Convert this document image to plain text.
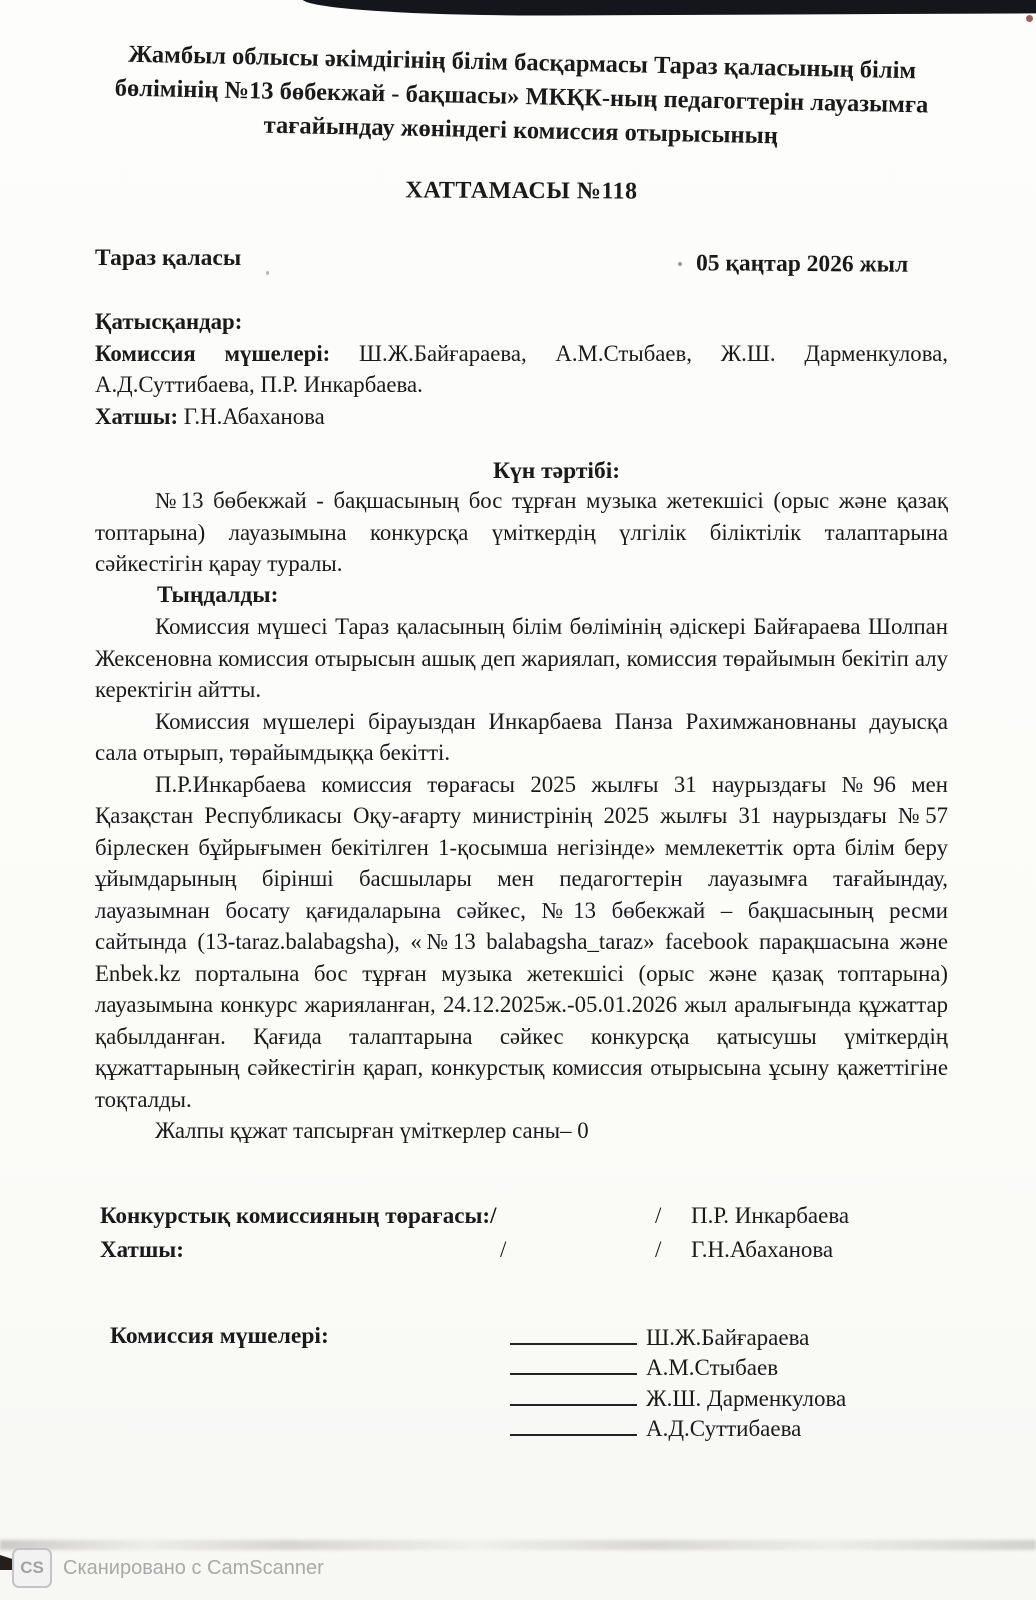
Жамбыл облысы әкімдігінің білім басқармасы Тараз қаласының білім бөлімінің №13 бөбекжай - бақшасы» МКҚК-ның педагогтерін лауазымға тағайындау жөніндегі комиссия отырысының

ХАТТАМАСЫ №118

Тараз қаласы	05 қаңтар 2026 жыл

Қатысқандар:

Комиссия мүшелері: Ш.Ж.Байғараева, А.М.Стыбаев, Ж.Ш. Дарменкулова, А.Д.Суттибаева, П.Р. Инкарбаева.

Хатшы: Г.Н.Абаханова

Күн тәртібі:

№13 бөбекжай - бақшасының бос тұрған музыка жетекшісі (орыс және қазақ топтарына) лауазымына конкурсқа үміткердің үлгілік біліктілік талаптарына сәйкестігін қарау туралы.

Тыңдалды:

Комиссия мүшесі Тараз қаласының білім бөлімінің әдіскері Байғараева Шолпан Жексеновна комиссия отырысын ашық деп жариялап, комиссия төрайымын бекітіп алу керектігін айтты.

Комиссия мүшелері бірауыздан Инкарбаева Панза Рахимжановнаны дауысқа сала отырып, төрайымдыққа бекітті.

П.Р.Инкарбаева комиссия төрағасы 2025 жылғы 31 наурыздағы №96 мен Қазақстан Республикасы Оқу-ағарту министрінің 2025 жылғы 31 наурыздағы №57 бірлескен бұйрығымен бекітілген 1-қосымша негізінде» мемлекеттік орта білім беру ұйымдарының бірінші басшылары мен педагогтерін лауазымға тағайындау, лауазымнан босату қағидаларына сәйкес, №13 бөбекжай – бақшасының ресми сайтында (13-taraz.balabagsha), «№13 balabagsha_taraz» facebook парақшасына және Enbek.kz порталына бос тұрған музыка жетекшісі (орыс және қазақ топтарына) лауазымына конкурс жарияланған, 24.12.2025ж.-05.01.2026 жыл аралығында құжаттар қабылданған. Қағида талаптарына сәйкес конкурсқа қатысушы үміткердің құжаттарының сәйкестігін қарап, конкурстық комиссия отырысына ұсыну қажеттігіне тоқталды.

Жалпы құжат тапсырған үміткерлер саны– 0

Конкурстық комиссияның төрағасы:/	/ П.Р. Инкарбаева
Хатшы:	/	/ Г.Н.Абаханова
Комиссия мүшелері:	Ш.Ж.Байғараева
А.М.Стыбаев
Ж.Ш. Дарменкулова
А.Д.Суттибаева
CS Сканировано с CamScanner
